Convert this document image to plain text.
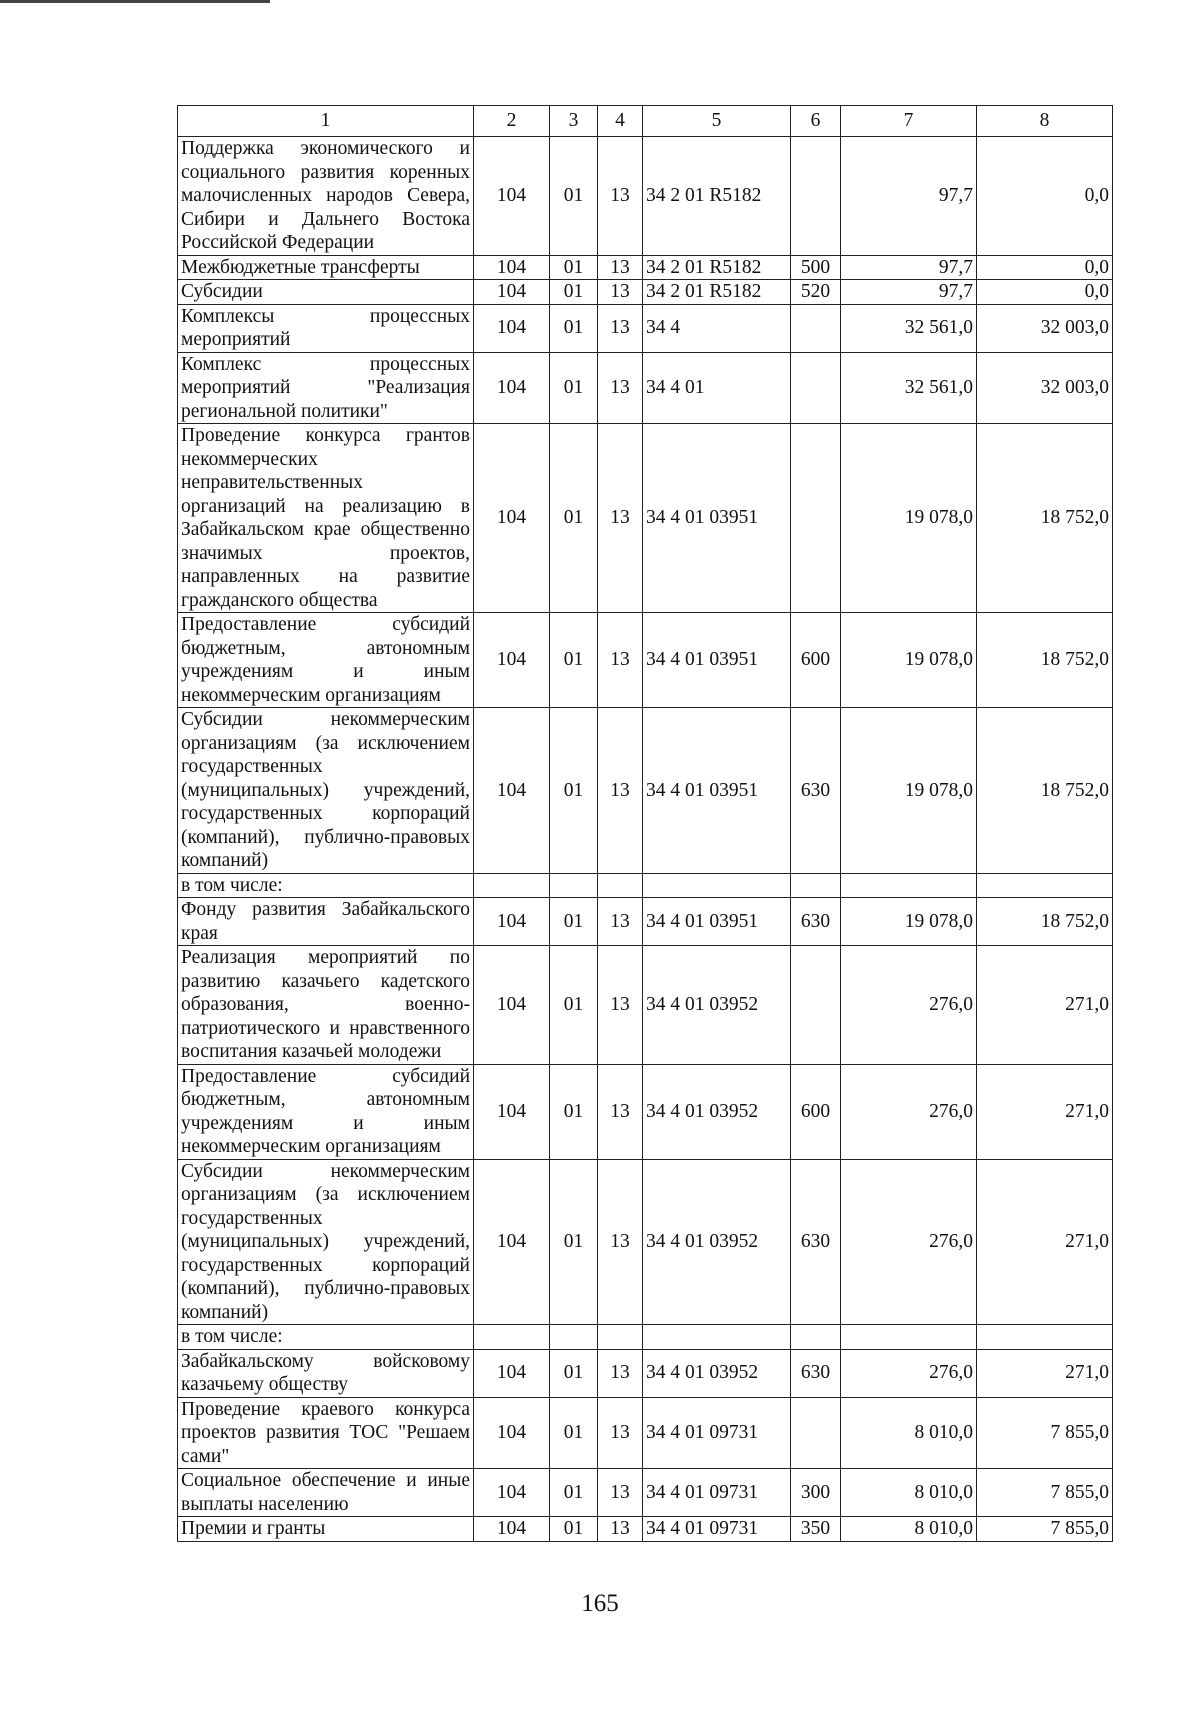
1	2	3	4	5	6	7	8
Поддержка экономического и социального развития коренных малочисленных народов Севера, Сибири и Дальнего Востока Российской Федерации	104	01	13	34 2 01 R5182		97,7	0,0
Межбюджетные трансферты	104	01	13	34 2 01 R5182	500	97,7	0,0
Субсидии	104	01	13	34 2 01 R5182	520	97,7	0,0
Комплексы процессных мероприятий	104	01	13	34 4		32 561,0	32 003,0
Комплекс процессных мероприятий "Реализация региональной политики"	104	01	13	34 4 01		32 561,0	32 003,0
Проведение конкурса грантов некоммерческих неправительственных организаций на реализацию в Забайкальском крае общественно значимых проектов, направленных на развитие гражданского общества	104	01	13	34 4 01 03951		19 078,0	18 752,0
Предоставление субсидий бюджетным, автономным учреждениям и иным некоммерческим организациям	104	01	13	34 4 01 03951	600	19 078,0	18 752,0
Субсидии некоммерческим организациям (за исключением государственных (муниципальных) учреждений, государственных корпораций (компаний), публично-правовых компаний)	104	01	13	34 4 01 03951	630	19 078,0	18 752,0
в том числе:							
Фонду развития Забайкальского края	104	01	13	34 4 01 03951	630	19 078,0	18 752,0
Реализация мероприятий по развитию казачьего кадетского образования, военно-патриотического и нравственного воспитания казачьей молодежи	104	01	13	34 4 01 03952		276,0	271,0
Предоставление субсидий бюджетным, автономным учреждениям и иным некоммерческим организациям	104	01	13	34 4 01 03952	600	276,0	271,0
Субсидии некоммерческим организациям (за исключением государственных (муниципальных) учреждений, государственных корпораций (компаний), публично-правовых компаний)	104	01	13	34 4 01 03952	630	276,0	271,0
в том числе:							
Забайкальскому войсковому казачьему обществу	104	01	13	34 4 01 03952	630	276,0	271,0
Проведение краевого конкурса проектов развития ТОС "Решаем сами"	104	01	13	34 4 01 09731		8 010,0	7 855,0
Социальное обеспечение и иные выплаты населению	104	01	13	34 4 01 09731	300	8 010,0	7 855,0
Премии и гранты	104	01	13	34 4 01 09731	350	8 010,0	7 855,0
165
